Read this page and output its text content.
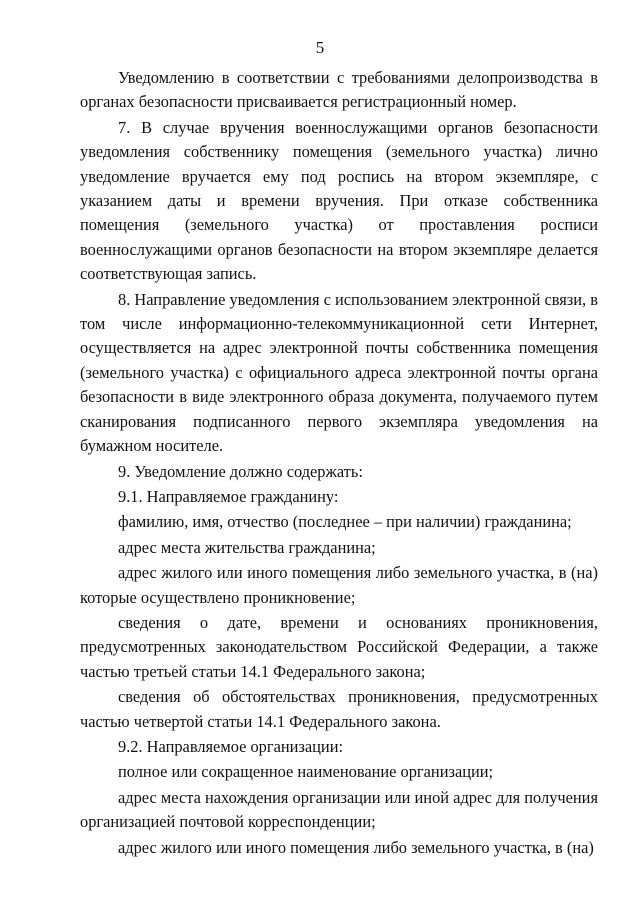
5

Уведомлению в соответствии с требованиями делопроизводства в органах безопасности присваивается регистрационный номер.

7. В случае вручения военнослужащими органов безопасности уведомления собственнику помещения (земельного участка) лично уведомление вручается ему под роспись на втором экземпляре, с указанием даты и времени вручения. При отказе собственника помещения (земельного участка) от проставления росписи военнослужащими органов безопасности на втором экземпляре делается соответствующая запись.

8. Направление уведомления с использованием электронной связи, в том числе информационно-телекоммуникационной сети Интернет, осуществляется на адрес электронной почты собственника помещения (земельного участка) с официального адреса электронной почты органа безопасности в виде электронного образа документа, получаемого путем сканирования подписанного первого экземпляра уведомления на бумажном носителе.

9. Уведомление должно содержать:

9.1. Направляемое гражданину:

фамилию, имя, отчество (последнее – при наличии) гражданина;

адрес места жительства гражданина;

адрес жилого или иного помещения либо земельного участка, в (на) которые осуществлено проникновение;

сведения о дате, времени и основаниях проникновения, предусмотренных законодательством Российской Федерации, а также частью третьей статьи 14.1 Федерального закона;

сведения об обстоятельствах проникновения, предусмотренных частью четвертой статьи 14.1 Федерального закона.

9.2. Направляемое организации:

полное или сокращенное наименование организации;

адрес места нахождения организации или иной адрес для получения организацией почтовой корреспонденции;

адрес жилого или иного помещения либо земельного участка, в (на)
